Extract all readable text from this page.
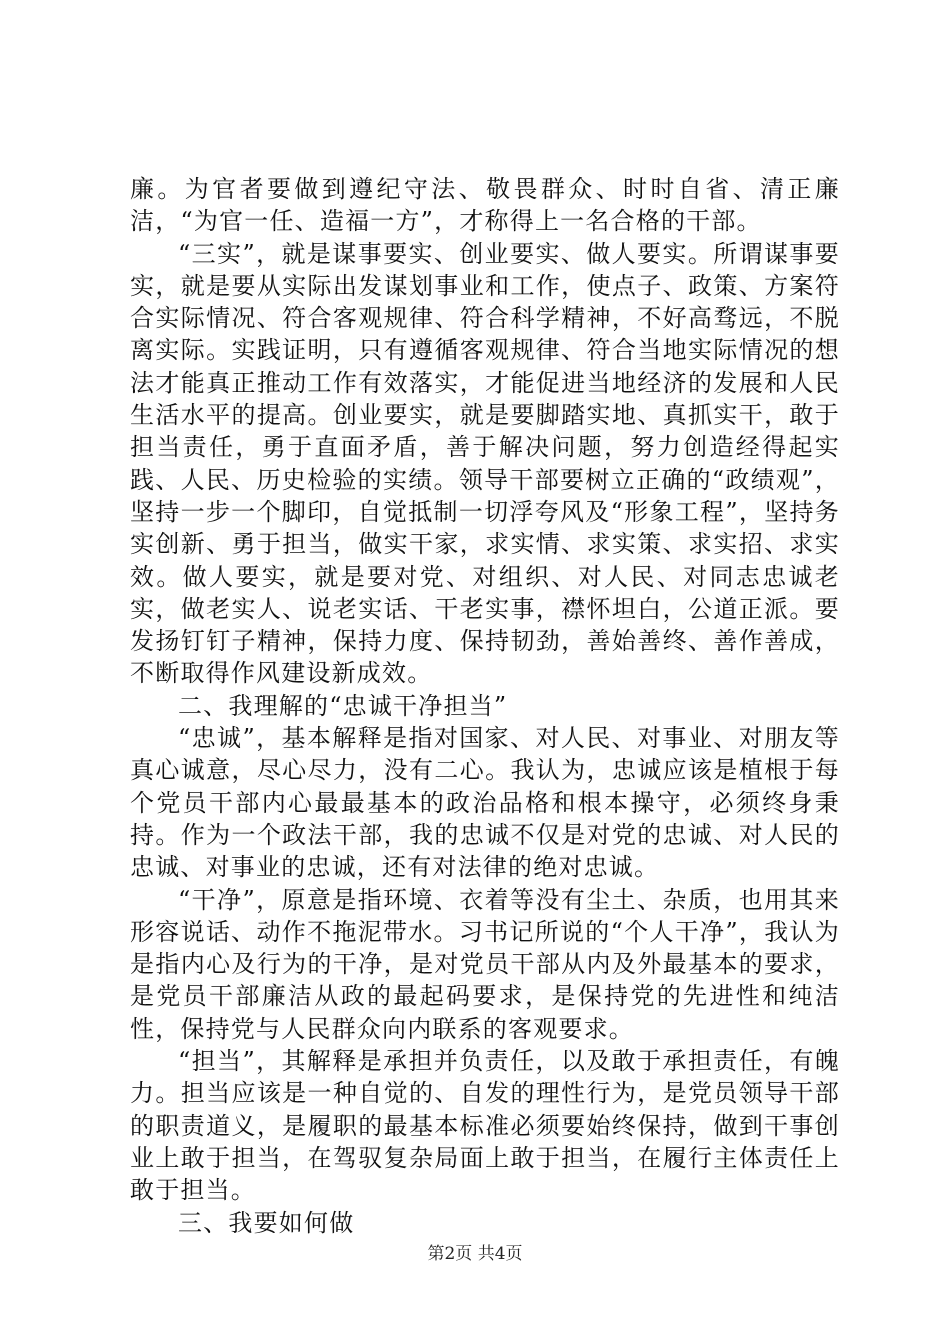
廉。为官者要做到遵纪守法、敬畏群众、时时自省、清正廉洁，“为官一任、造福一方”，才称得上一名合格的干部。

“三实”，就是谋事要实、创业要实、做人要实。所谓谋事要实，就是要从实际出发谋划事业和工作，使点子、政策、方案符合实际情况、符合客观规律、符合科学精神，不好高骛远，不脱离实际。实践证明，只有遵循客观规律、符合当地实际情况的想法才能真正推动工作有效落实，才能促进当地经济的发展和人民生活水平的提高。创业要实，就是要脚踏实地、真抓实干，敢于担当责任，勇于直面矛盾，善于解决问题，努力创造经得起实践、人民、历史检验的实绩。领导干部要树立正确的“政绩观”，坚持一步一个脚印，自觉抵制一切浮夸风及“形象工程”，坚持务实创新、勇于担当，做实干家，求实情、求实策、求实招、求实效。做人要实，就是要对党、对组织、对人民、对同志忠诚老实，做老实人、说老实话、干老实事，襟怀坦白，公道正派。要发扬钉钉子精神，保持力度、保持韧劲，善始善终、善作善成，不断取得作风建设新成效。

二、我理解的“忠诚干净担当”

“忠诚”，基本解释是指对国家、对人民、对事业、对朋友等真心诚意，尽心尽力，没有二心。我认为，忠诚应该是植根于每个党员干部内心最最基本的政治品格和根本操守，必须终身秉持。作为一个政法干部，我的忠诚不仅是对党的忠诚、对人民的忠诚、对事业的忠诚，还有对法律的绝对忠诚。

“干净”，原意是指环境、衣着等没有尘土、杂质，也用其来形容说话、动作不拖泥带水。习书记所说的“个人干净”，我认为是指内心及行为的干净，是对党员干部从内及外最基本的要求，是党员干部廉洁从政的最起码要求，是保持党的先进性和纯洁性，保持党与人民群众向内联系的客观要求。

“担当”，其解释是承担并负责任，以及敢于承担责任，有魄力。担当应该是一种自觉的、自发的理性行为，是党员领导干部的职责道义，是履职的最基本标准必须要始终保持，做到干事创业上敢于担当，在驾驭复杂局面上敢于担当，在履行主体责任上敢于担当。

三、我要如何做

第2页 共4页
